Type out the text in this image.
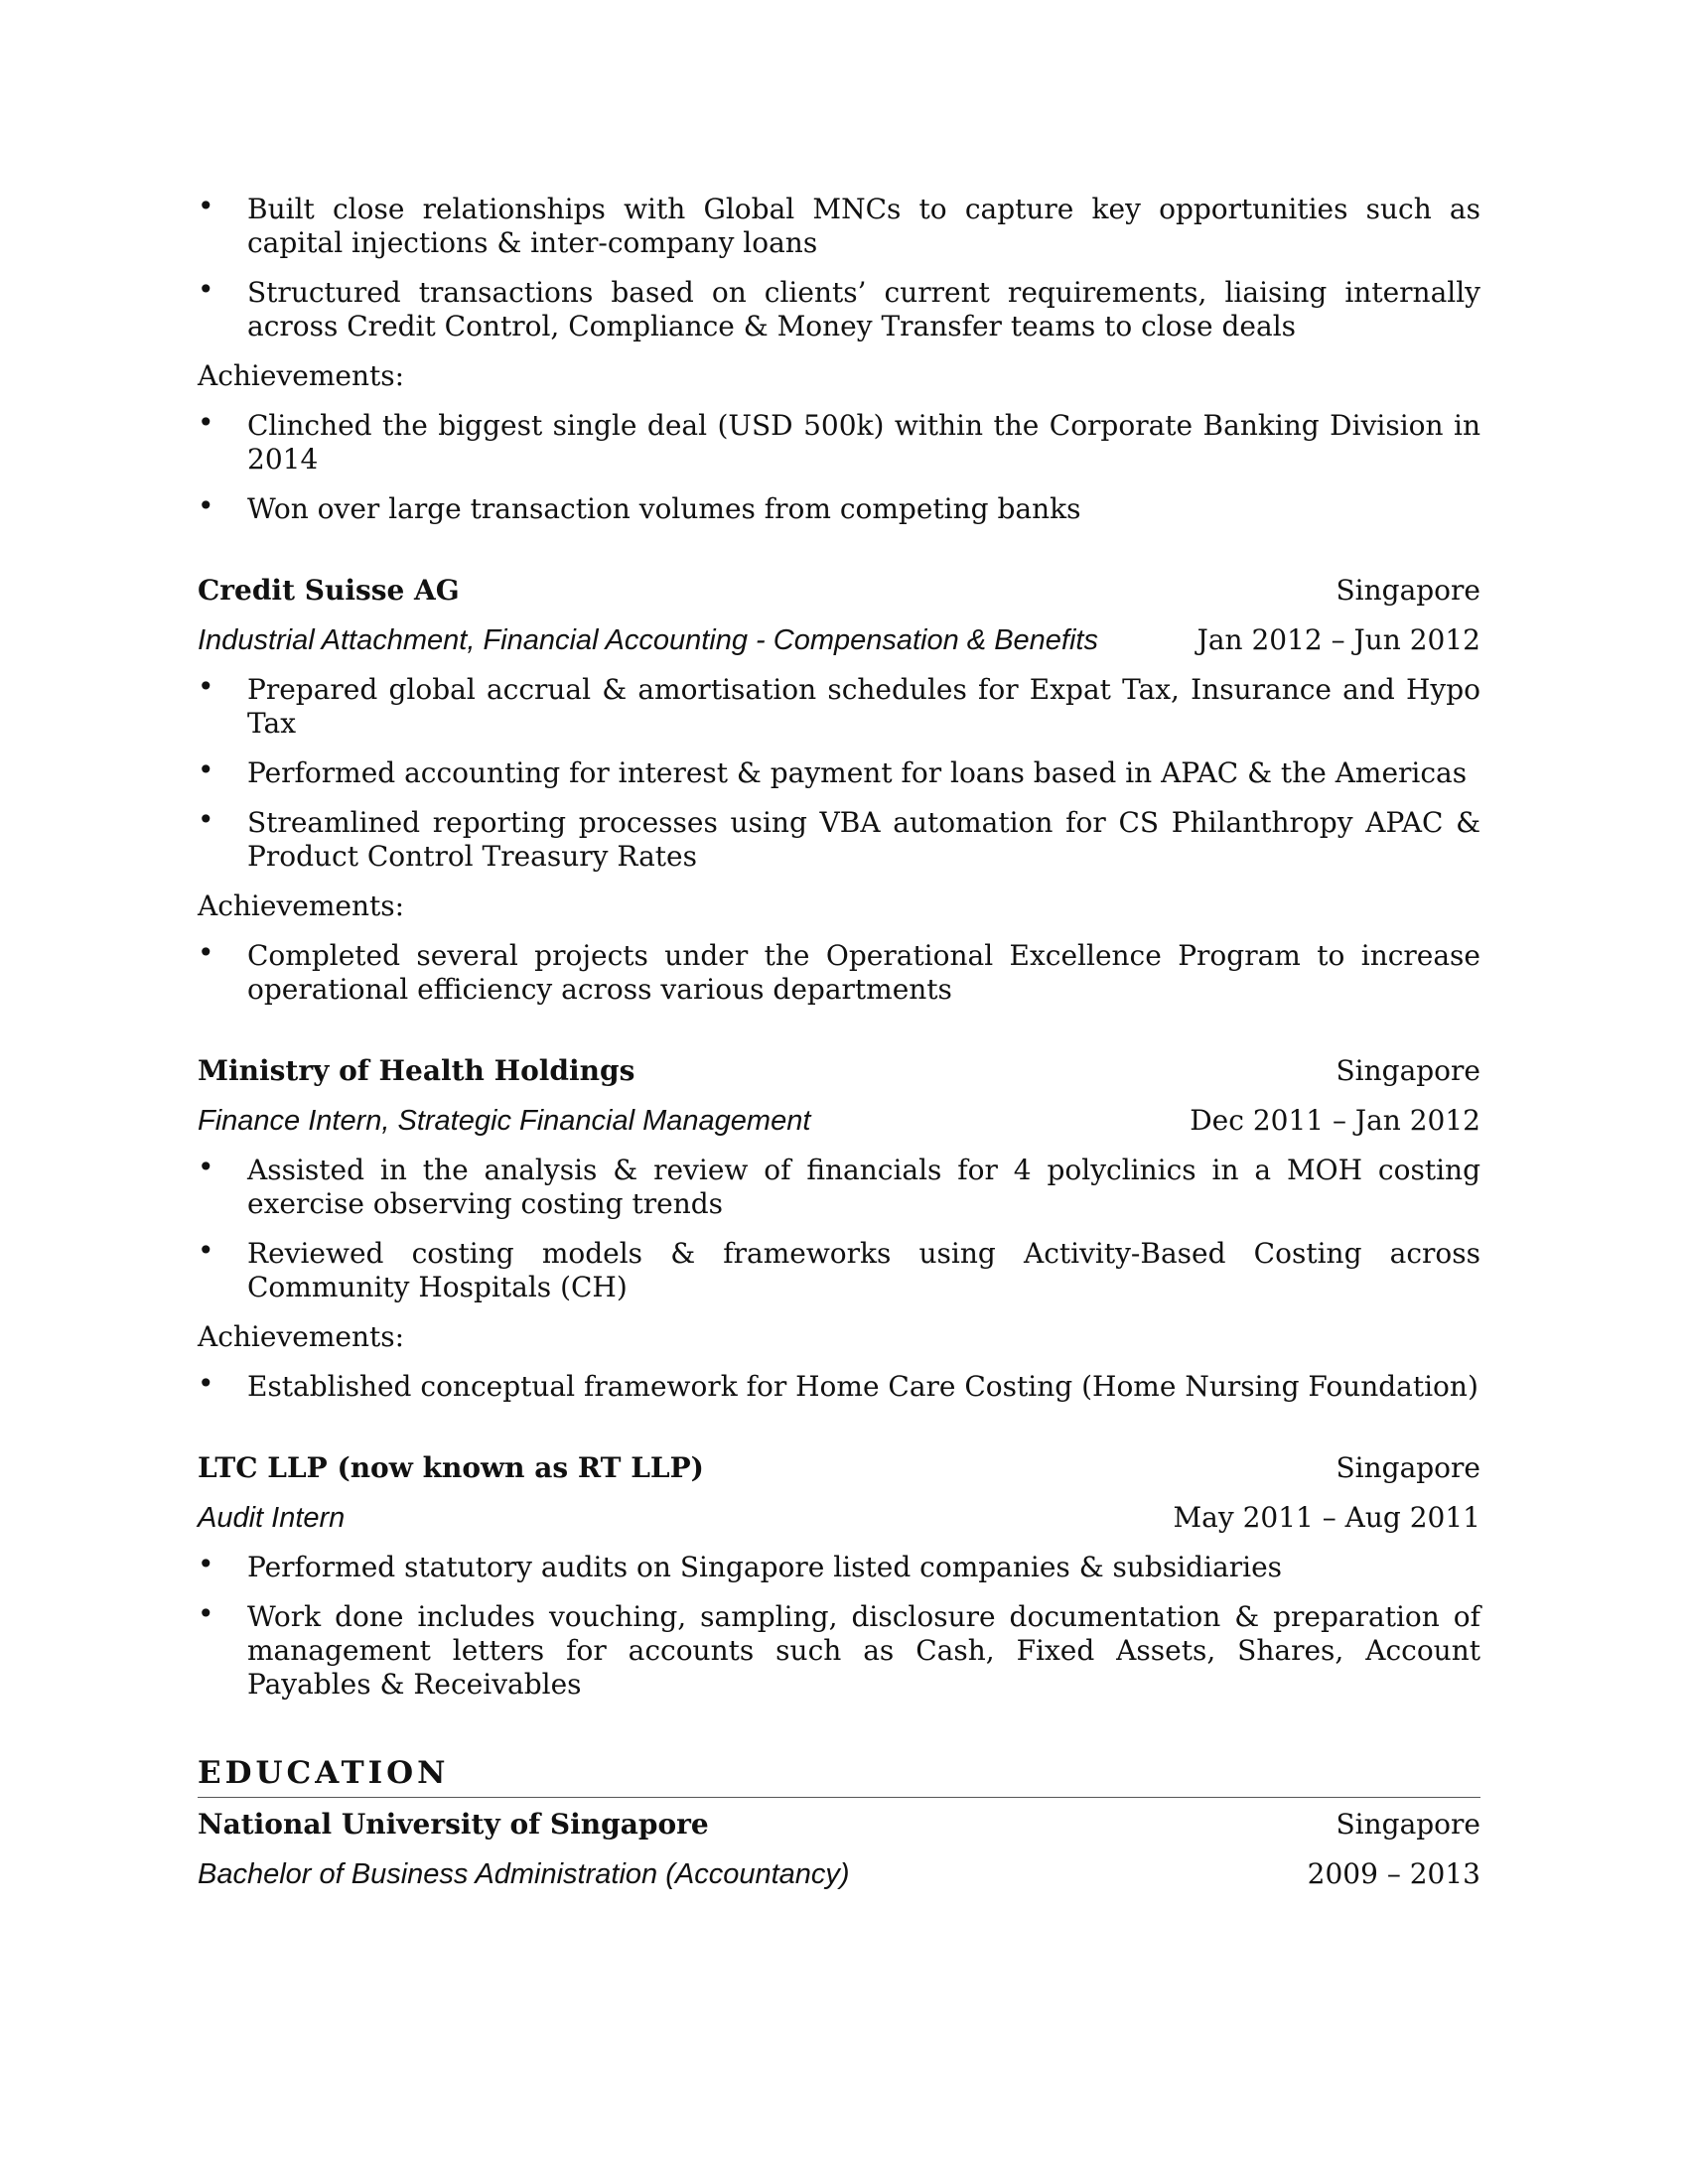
• Built close relationships with Global MNCs to capture key opportunities such as capital injections & inter-company loans
• Structured transactions based on clients’ current requirements, liaising internally across Credit Control, Compliance & Money Transfer teams to close deals
Achievements:
• Clinched the biggest single deal (USD 500k) within the Corporate Banking Division in 2014
• Won over large transaction volumes from competing banks
Credit Suisse AG	Singapore
Industrial Attachment, Financial Accounting - Compensation & Benefits	Jan 2012 – Jun 2012
• Prepared global accrual & amortisation schedules for Expat Tax, Insurance and Hypo Tax
• Performed accounting for interest & payment for loans based in APAC & the Americas
• Streamlined reporting processes using VBA automation for CS Philanthropy APAC & Product Control Treasury Rates
Achievements:
• Completed several projects under the Operational Excellence Program to increase operational efficiency across various departments
Ministry of Health Holdings	Singapore
Finance Intern, Strategic Financial Management	Dec 2011 – Jan 2012
• Assisted in the analysis & review of financials for 4 polyclinics in a MOH costing exercise observing costing trends
• Reviewed costing models & frameworks using Activity-Based Costing across Community Hospitals (CH)
Achievements:
• Established conceptual framework for Home Care Costing (Home Nursing Foundation)
LTC LLP (now known as RT LLP)	Singapore
Audit Intern	May 2011 – Aug 2011
• Performed statutory audits on Singapore listed companies & subsidiaries
• Work done includes vouching, sampling, disclosure documentation & preparation of management letters for accounts such as Cash, Fixed Assets, Shares, Account Payables & Receivables
EDUCATION
National University of Singapore	Singapore
Bachelor of Business Administration (Accountancy)	2009 – 2013
